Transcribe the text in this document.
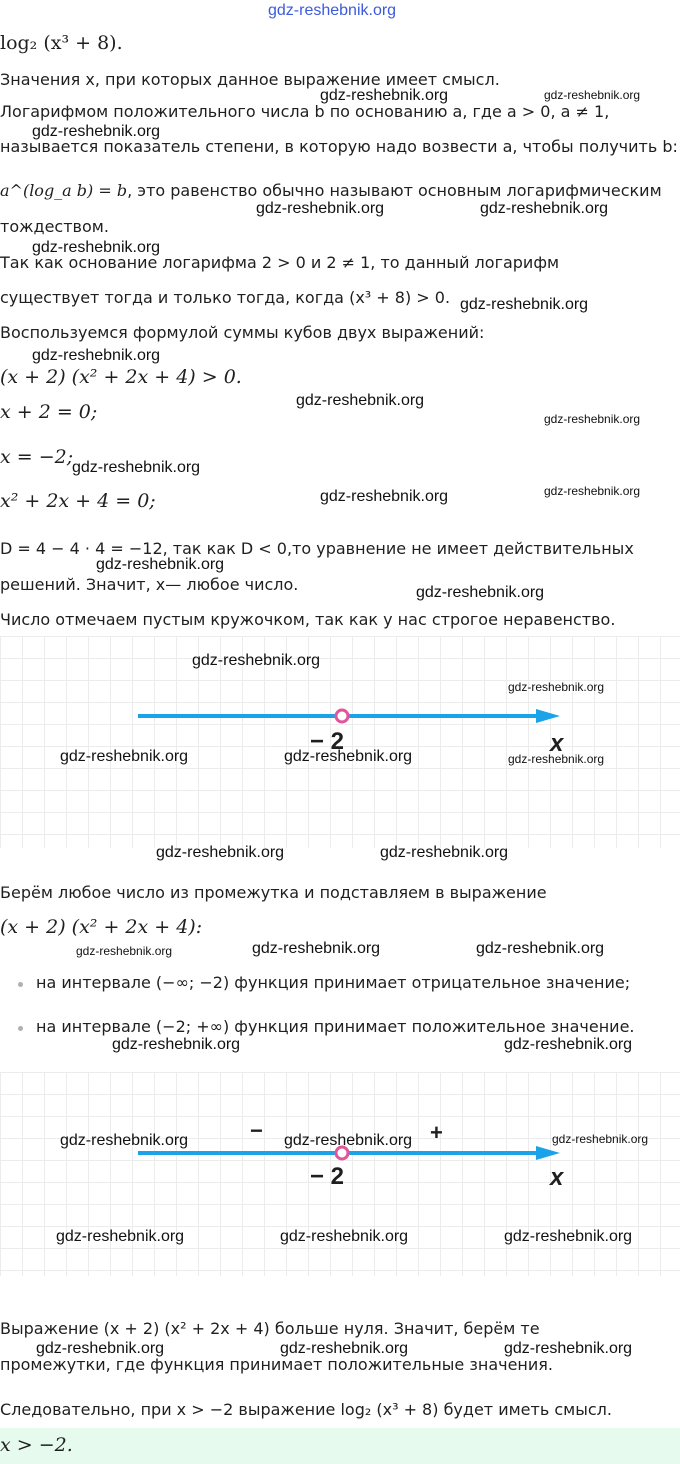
gdz-reshebnik.org
log₂ (x³ + 8).
Значения x, при которых данное выражение имеет смысл.
gdz-reshebnik.org
gdz-reshebnik.org
Логарифмом положительного числа b по основанию a, где a > 0, a ≠ 1,
gdz-reshebnik.org
называется показатель степени, в которую надо возвести a, чтобы получить b:
a^(log_a b) = b, это равенство обычно называют основным логарифмическим
gdz-reshebnik.org	gdz-reshebnik.org
тождеством.
gdz-reshebnik.org
Так как основание логарифма 2 > 0 и 2 ≠ 1, то данный логарифм
существует тогда и только тогда, когда (x³ + 8) > 0. gdz-reshebnik.org
Воспользуемся формулой суммы кубов двух выражений:
gdz-reshebnik.org
(x + 2) (x² + 2x + 4) > 0.
gdz-reshebnik.org
x + 2 = 0;	gdz-reshebnik.org
x = −2;
gdz-reshebnik.org
x² + 2x + 4 = 0;	gdz-reshebnik.org	gdz-reshebnik.org
D = 4 − 4 · 4 = −12, так как D < 0,то уравнение не имеет действительных
gdz-reshebnik.org
решений. Значит, x— любое число.	gdz-reshebnik.org
Число отмечаем пустым кружочком, так как у нас строгое неравенство.
− 2	x
gdz-reshebnik.org
gdz-reshebnik.org
gdz-reshebnik.org	gdz-reshebnik.org	gdz-reshebnik.org
gdz-reshebnik.org	gdz-reshebnik.org
Берём любое число из промежутка и подставляем в выражение
(x + 2) (x² + 2x + 4):
gdz-reshebnik.org	gdz-reshebnik.org	gdz-reshebnik.org
на интервале (−∞; −2) функция принимает отрицательное значение;
на интервале (−2; +∞) функция принимает положительное значение.
gdz-reshebnik.org	gdz-reshebnik.org
−	+
− 2	x
gdz-reshebnik.org	gdz-reshebnik.org	gdz-reshebnik.org
gdz-reshebnik.org	gdz-reshebnik.org	gdz-reshebnik.org
Выражение (x + 2) (x² + 2x + 4) больше нуля. Значит, берём те
gdz-reshebnik.org	gdz-reshebnik.org	gdz-reshebnik.org
промежутки, где функция принимает положительные значения.
Следовательно, при x > −2 выражение log₂ (x³ + 8) будет иметь смысл.
x > −2.
